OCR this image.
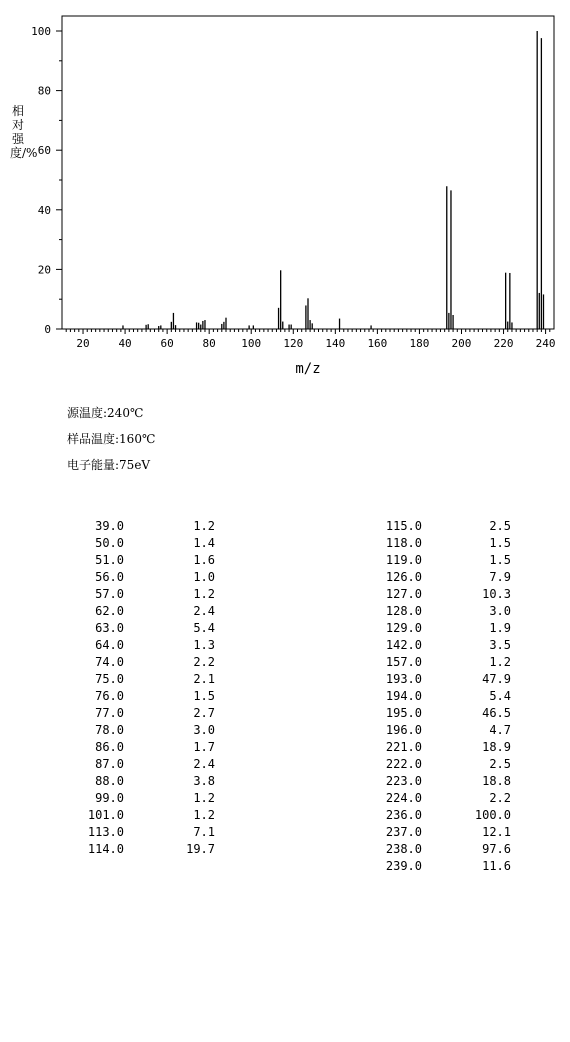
20	40	60	80 100 120 140 160 180 200 220 240
0
20
40
60
80
100
m/z
相对强度/%
源温度:240℃
样品温度:160℃
电子能量:75eV
39.0	1.2
50.0	1.4
51.0	1.6
56.0	1.0
57.0	1.2
62.0	2.4
63.0	5.4
64.0	1.3
74.0	2.2
75.0	2.1
76.0	1.5
77.0	2.7
78.0	3.0
86.0	1.7
87.0	2.4
88.0	3.8
99.0	1.2
101.0	1.2
113.0	7.1
114.0	19.7
115.0	2.5
118.0	1.5
119.0	1.5
126.0	7.9
127.0	10.3
128.0	3.0
129.0	1.9
142.0	3.5
157.0	1.2
193.0	47.9
194.0	5.4
195.0	46.5
196.0	4.7
221.0	18.9
222.0	2.5
223.0	18.8
224.0	2.2
236.0	100.0
237.0	12.1
238.0	97.6
239.0	11.6
